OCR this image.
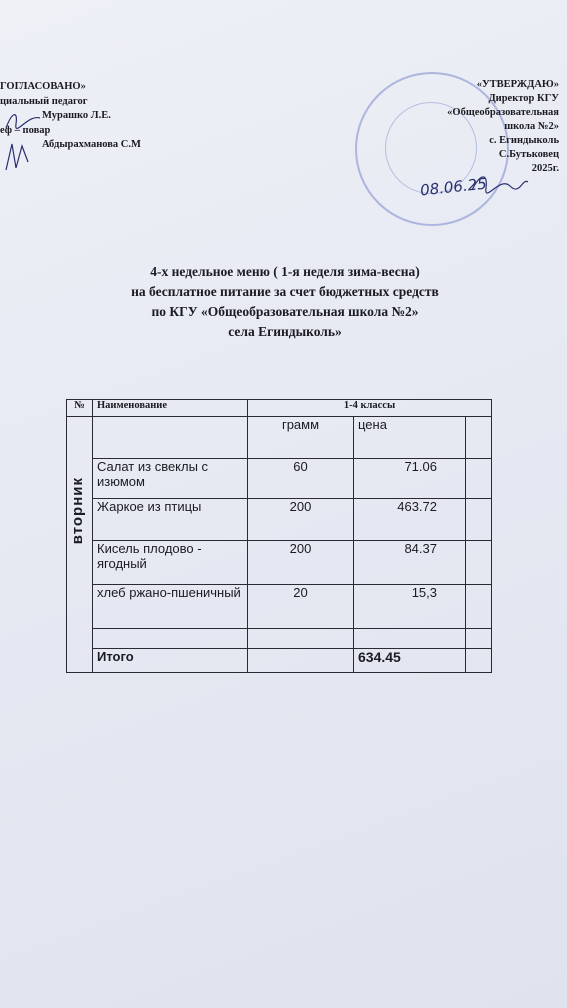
ГОГЛАСОВАНО»
циальный педагог
Мурашко Л.Е.
еф – повар
Абдырахманова С.М
«УТВЕРЖДАЮ»
Директор КГУ
«Общеобразовательная
школа №2»
с. Егиндыколь
С.Бутьковец
2025г.
08.06.25
4-х недельное меню ( 1-я неделя зима-весна)
на бесплатное питание за счет бюджетных средств
по КГУ «Общеобразовательная школа №2»
села Егиндыколь»
№	Наименование	1-4 классы		

вторник		грамм	цена	
	Салат из свеклы с изюмом	60	71.06	
	Жаркое из птицы	200	463.72	
	Кисель плодово - ягодный	200	84.37	
	хлеб ржано-пшеничный	20	15,3	

	Итого		634.45	
